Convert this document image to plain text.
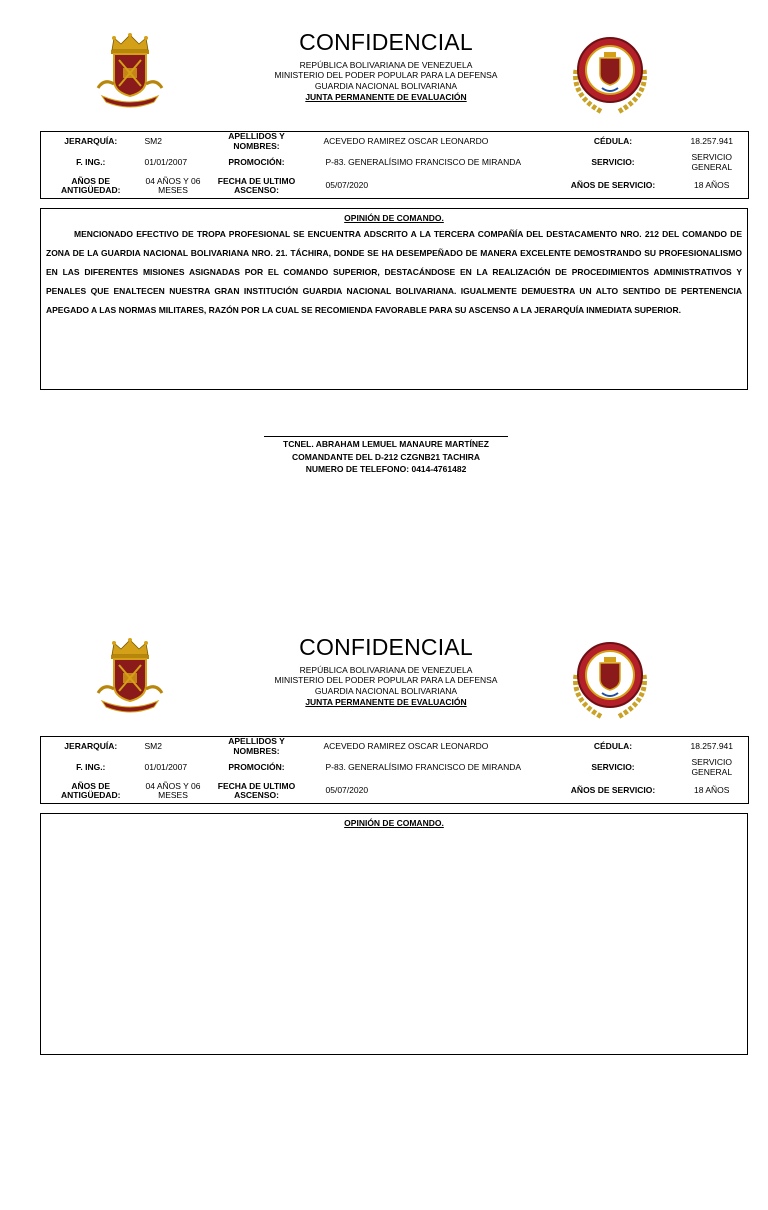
CONFIDENCIAL
REPÚBLICA BOLIVARIANA DE VENEZUELA
MINISTERIO DEL PODER POPULAR PARA LA DEFENSA
GUARDIA NACIONAL BOLIVARIANA
JUNTA PERMANENTE DE EVALUACIÓN
JERARQUÍA:	SM2	APELLIDOS Y NOMBRES:	ACEVEDO RAMIREZ OSCAR LEONARDO	CÉDULA:	18.257.941
F. ING.:	01/01/2007	PROMOCIÓN:	P-83. GENERALÍSIMO FRANCISCO DE MIRANDA	SERVICIO:	SERVICIO GENERAL
AÑOS DE ANTIGÜEDAD:	04 AÑOS Y 06 MESES	FECHA DE ULTIMO ASCENSO:	05/07/2020	AÑOS DE SERVICIO:	18 AÑOS
OPINIÓN DE COMANDO.

MENCIONADO EFECTIVO DE TROPA PROFESIONAL SE ENCUENTRA ADSCRITO A LA TERCERA COMPAÑÍA DEL DESTACAMENTO NRO. 212 DEL COMANDO DE ZONA DE LA GUARDIA NACIONAL BOLIVARIANA NRO. 21. TÁCHIRA, DONDE SE HA DESEMPEÑADO DE MANERA EXCELENTE DEMOSTRANDO SU PROFESIONALISMO EN LAS DIFERENTES MISIONES ASIGNADAS POR EL COMANDO SUPERIOR, DESTACÁNDOSE EN LA REALIZACIÓN DE PROCEDIMIENTOS ADMINISTRATIVOS Y PENALES QUE ENALTECEN NUESTRA GRAN INSTITUCIÓN GUARDIA NACIONAL BOLIVARIANA. IGUALMENTE DEMUESTRA UN ALTO SENTIDO DE PERTENENCIA APEGADO A LAS NORMAS MILITARES, RAZÓN POR LA CUAL SE RECOMIENDA FAVORABLE PARA SU ASCENSO A LA JERARQUÍA INMEDIATA SUPERIOR.

TCNEL. ABRAHAM LEMUEL MANAURE MARTÍNEZ
COMANDANTE DEL D-212 CZGNB21 TACHIRA
NUMERO DE TELEFONO: 0414-4761482
CONFIDENCIAL
REPÚBLICA BOLIVARIANA DE VENEZUELA
MINISTERIO DEL PODER POPULAR PARA LA DEFENSA
GUARDIA NACIONAL BOLIVARIANA
JUNTA PERMANENTE DE EVALUACIÓN
JERARQUÍA:	SM2	APELLIDOS Y NOMBRES:	ACEVEDO RAMIREZ OSCAR LEONARDO	CÉDULA:	18.257.941
F. ING.:	01/01/2007	PROMOCIÓN:	P-83. GENERALÍSIMO FRANCISCO DE MIRANDA	SERVICIO:	SERVICIO GENERAL
AÑOS DE ANTIGÜEDAD:	04 AÑOS Y 06 MESES	FECHA DE ULTIMO ASCENSO:	05/07/2020	AÑOS DE SERVICIO:	18 AÑOS
OPINIÓN DE COMANDO.
